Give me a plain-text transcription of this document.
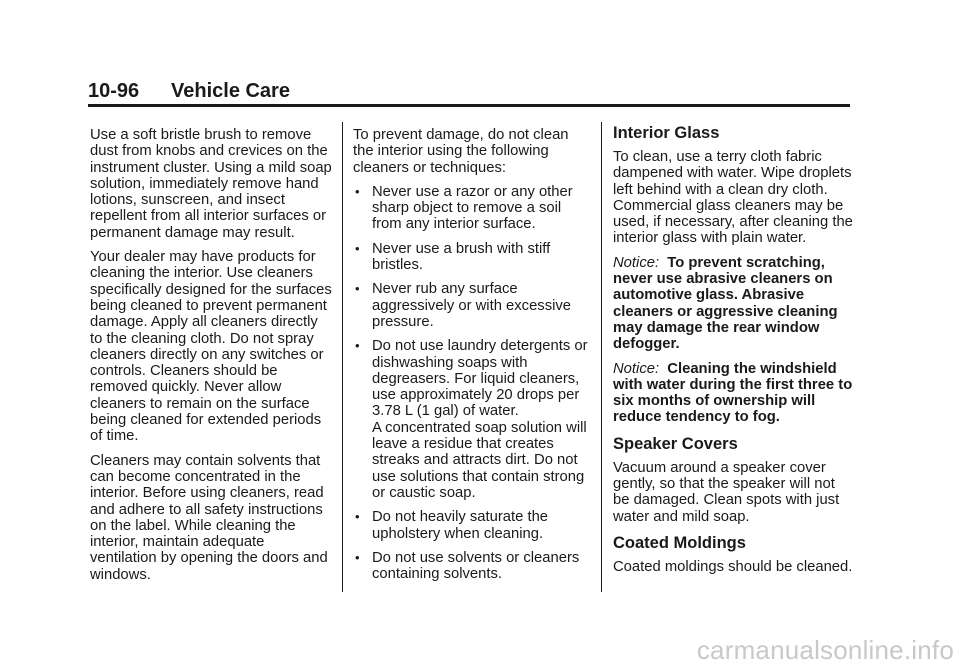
10-96 Vehicle Care

Use a soft bristle brush to remove dust from knobs and crevices on the instrument cluster. Using a mild soap solution, immediately remove hand lotions, sunscreen, and insect repellent from all interior surfaces or permanent damage may result.

Your dealer may have products for cleaning the interior. Use cleaners specifically designed for the surfaces being cleaned to prevent permanent damage. Apply all cleaners directly to the cleaning cloth. Do not spray cleaners directly on any switches or controls. Cleaners should be removed quickly. Never allow cleaners to remain on the surface being cleaned for extended periods of time.

Cleaners may contain solvents that can become concentrated in the interior. Before using cleaners, read and adhere to all safety instructions on the label. While cleaning the interior, maintain adequate ventilation by opening the doors and windows.

To prevent damage, do not clean the interior using the following cleaners or techniques:

• Never use a razor or any other sharp object to remove a soil from any interior surface.
• Never use a brush with stiff bristles.
• Never rub any surface aggressively or with excessive pressure.
• Do not use laundry detergents or dishwashing soaps with degreasers. For liquid cleaners, use approximately 20 drops per 3.78 L (1 gal) of water.
A concentrated soap solution will leave a residue that creates streaks and attracts dirt. Do not use solutions that contain strong or caustic soap.
• Do not heavily saturate the upholstery when cleaning.
• Do not use solvents or cleaners containing solvents.
Interior Glass

To clean, use a terry cloth fabric dampened with water. Wipe droplets left behind with a clean dry cloth. Commercial glass cleaners may be used, if necessary, after cleaning the interior glass with plain water.

Notice: To prevent scratching, never use abrasive cleaners on automotive glass. Abrasive cleaners or aggressive cleaning may damage the rear window defogger.

Notice: Cleaning the windshield with water during the first three to six months of ownership will reduce tendency to fog.

Speaker Covers

Vacuum around a speaker cover gently, so that the speaker will not be damaged. Clean spots with just water and mild soap.

Coated Moldings

Coated moldings should be cleaned.

carmanualsonline.info
